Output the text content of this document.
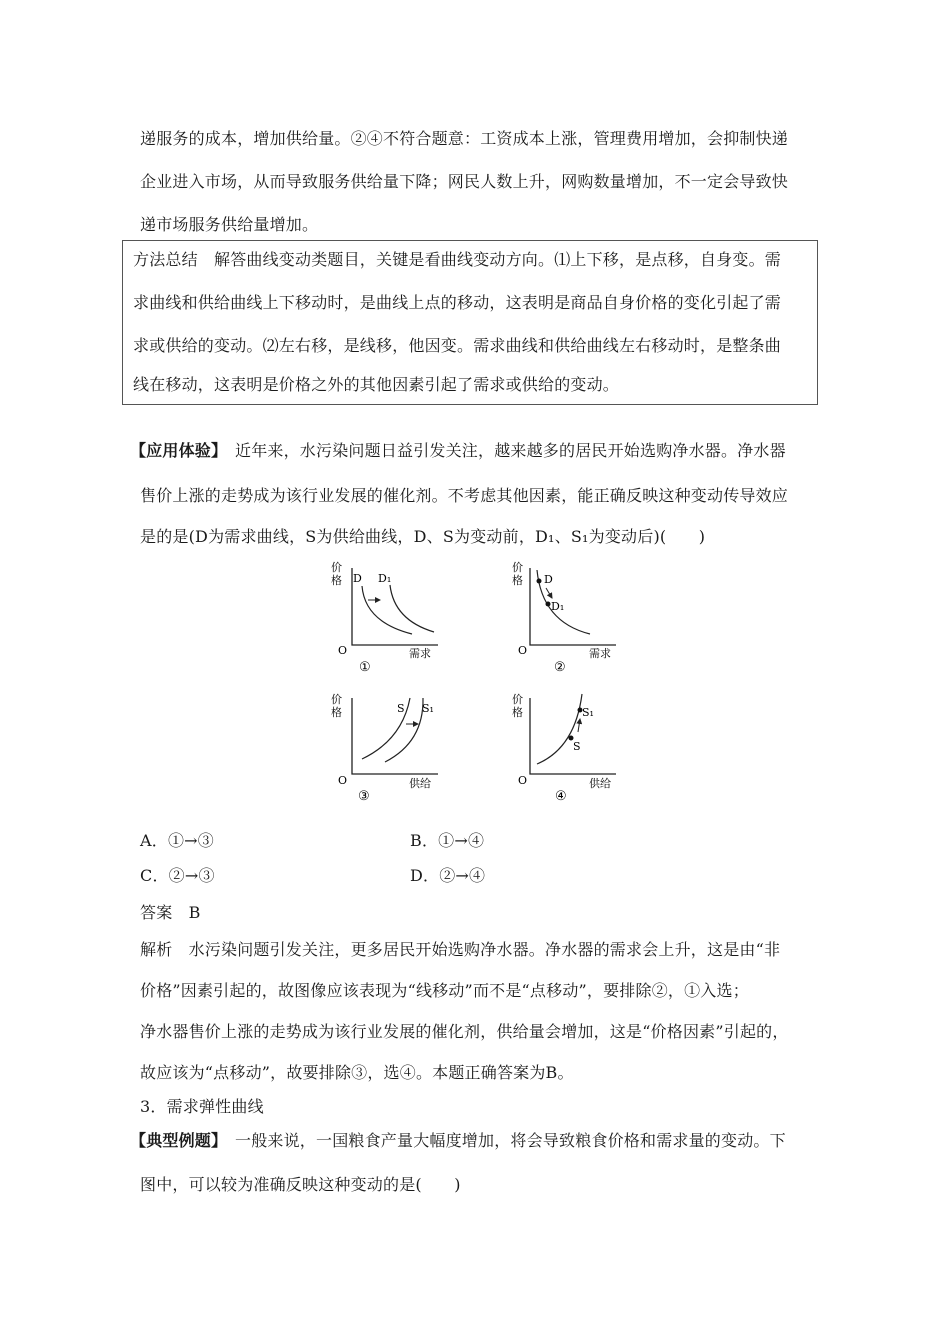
递服务的成本，增加供给量。②④不符合题意：工资成本上涨，管理费用增加，会抑制快递
企业进入市场，从而导致服务供给量下降；网民人数上升，网购数量增加，不一定会导致快
递市场服务供给量增加。
方法总结　解答曲线变动类题目，关键是看曲线变动方向。⑴上下移，是点移，自身变。需
求曲线和供给曲线上下移动时，是曲线上点的移动，这表明是商品自身价格的变化引起了需
求或供给的变动。⑵左右移，是线移，他因变。需求曲线和供给曲线左右移动时，是整条曲
线在移动，这表明是价格之外的其他因素引起了需求或供给的变动。
【应用体验】 近年来，水污染问题日益引发关注，越来越多的居民开始选购净水器。净水器
售价上涨的走势成为该行业发展的催化剂。不考虑其他因素，能正确反映这种变动传导效应
是的是(D为需求曲线，S为供给曲线，D、S为变动前，D₁、S₁为变动后)(　　)
价
格
O	需求
D D₁
①
价
格
O	需求
D
D₁
②
价
格
O	供给
S S₁
③
价
格
O	供给
S₁
S
④
A．①→③	B．①→④
C．②→③	D．②→④
答案　B
解析　水污染问题引发关注，更多居民开始选购净水器。净水器的需求会上升，这是由“非
价格”因素引起的，故图像应该表现为“线移动”而不是“点移动”，要排除②，①入选；
净水器售价上涨的走势成为该行业发展的催化剂，供给量会增加，这是“价格因素”引起的，
故应该为“点移动”，故要排除③，选④。本题正确答案为B。
3．需求弹性曲线
【典型例题】 一般来说，一国粮食产量大幅度增加，将会导致粮食价格和需求量的变动。下
图中，可以较为准确反映这种变动的是(　　)
